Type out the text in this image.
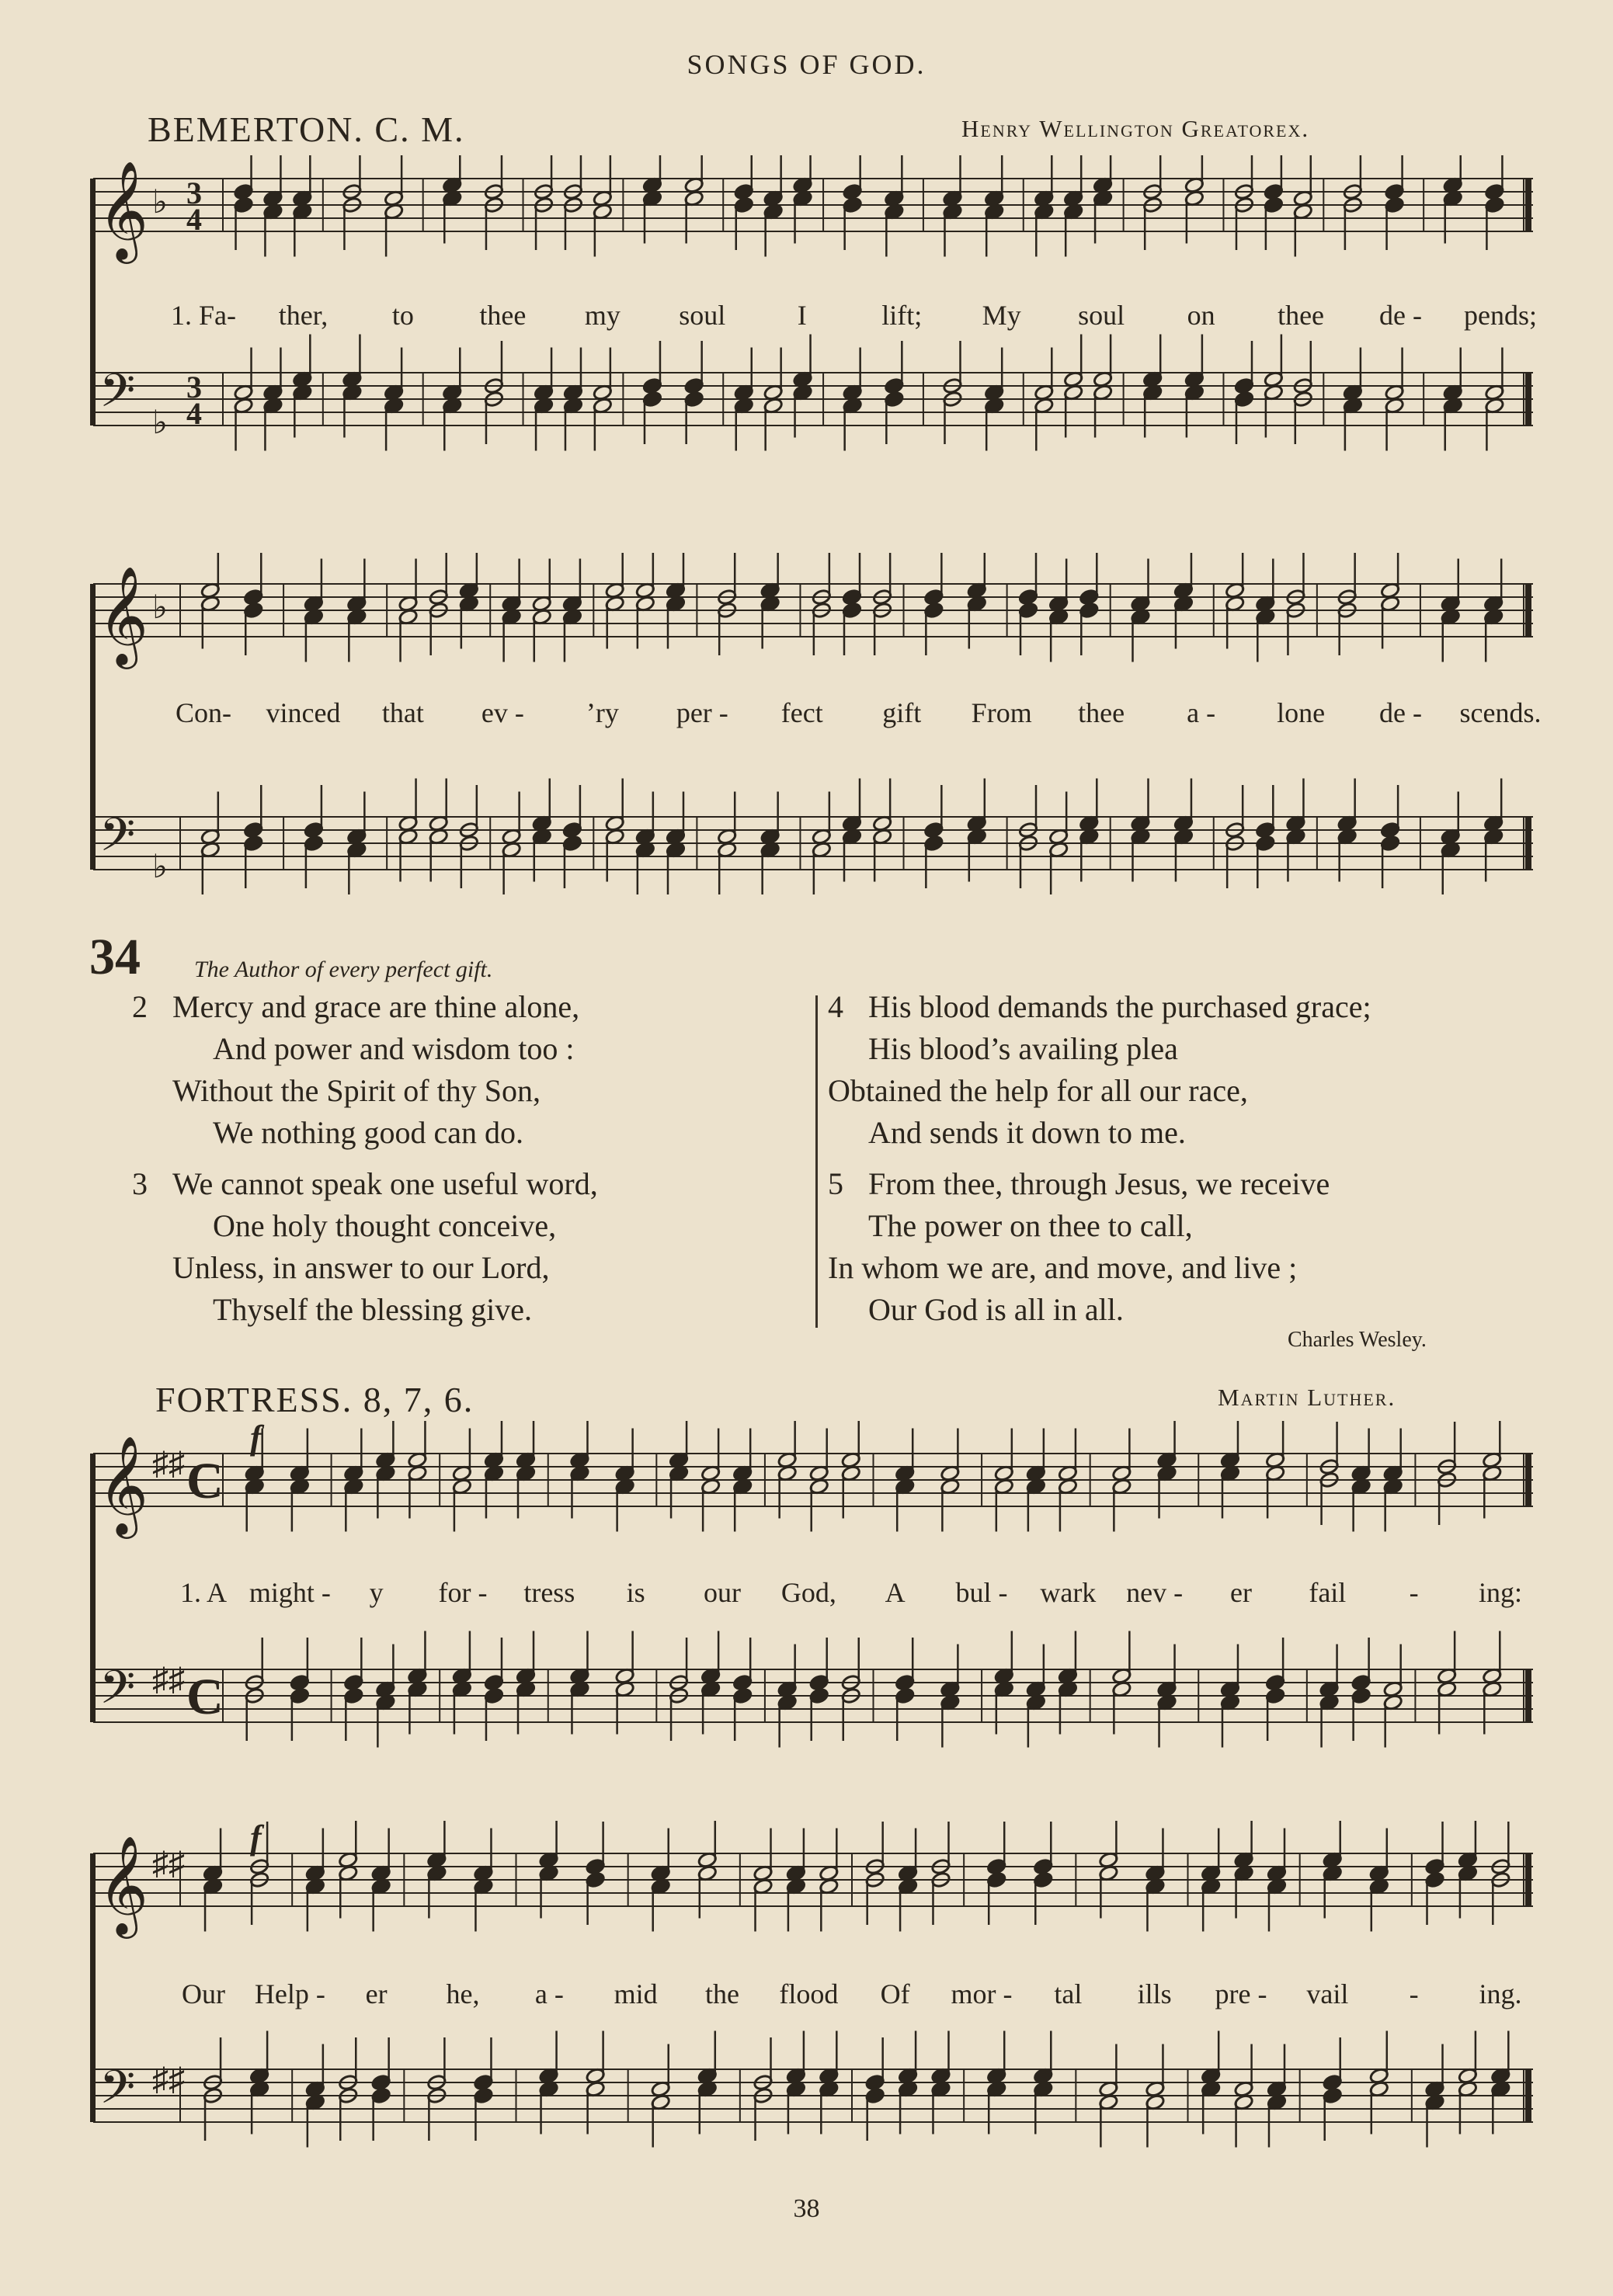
SONGS OF GOD.
BEMERTON. C. M.	Henry Wellington Greatorex.
𝄞
𝄢
♭
♭
3
4
3
4
1. Fa- ther, to thee my soul	I	lift; My soul on thee de - pends;
𝄞
𝄢
♭
♭
Con- vinced that ev - ’ry per - fect gift From thee a - lone de - scends.
34 The Author of every perfect gift.
2 Mercy and grace are thine alone,
And power and wisdom too :
Without the Spirit of thy Son,
We nothing good can do.
3 We cannot speak one useful word,
One holy thought conceive,
Unless, in answer to our Lord,
Thyself the blessing give.
4 His blood demands the purchased grace;
His blood’s availing plea
Obtained the help for all our race,
And sends it down to me.
5 From thee, through Jesus, we receive
The power on thee to call,
In whom we are, and move, and live ;
Our God is all in all.
Charles Wesley.
FORTRESS. 8, 7, 6.	Martin Luther.
𝄞
𝄢
♯♯
♯♯
C
C
f
1. A might - y for - tress is our God, A bul - wark nev - er fail - ing:
𝄞
𝄢
♯♯
♯♯
f
Our Help - er he, a - mid the flood Of mor - tal ills pre - vail - ing.
38
